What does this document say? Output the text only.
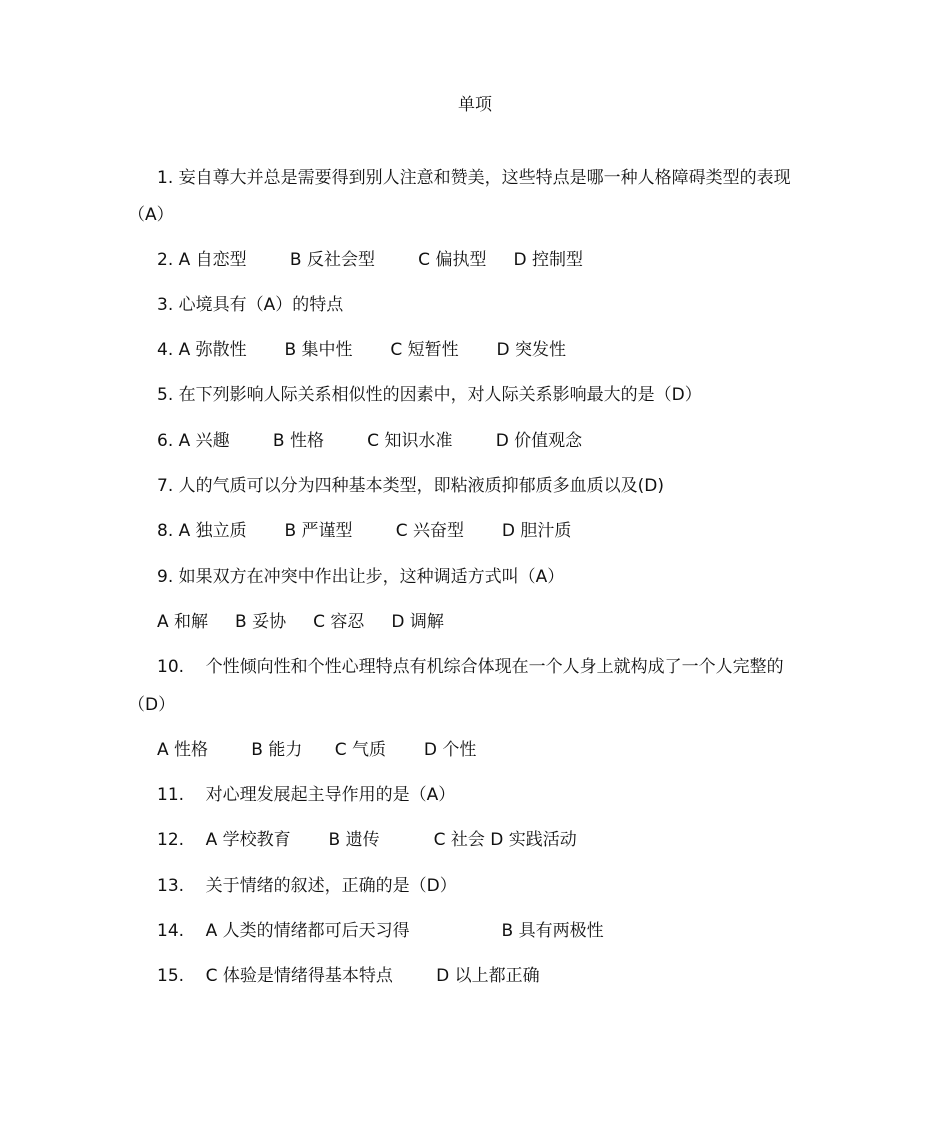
单项
1. 妄自尊大并总是需要得到别人注意和赞美，这些特点是哪一种人格障碍类型的表现
（A）
2. A 自恋型        B 反社会型        C 偏执型     D 控制型
3. 心境具有（A）的特点
4. A 弥散性       B 集中性       C 短暂性       D 突发性
5. 在下列影响人际关系相似性的因素中，对人际关系影响最大的是（D）
6. A 兴趣        B 性格        C 知识水准        D 价值观念
7. 人的气质可以分为四种基本类型，即粘液质抑郁质多血质以及(D)
8. A 独立质       B 严谨型        C 兴奋型       D 胆汁质
9. 如果双方在冲突中作出让步，这种调适方式叫（A）
A 和解     B 妥协     C 容忍     D 调解
10.    个性倾向性和个性心理特点有机综合体现在一个人身上就构成了一个人完整的
（D）
A 性格        B 能力      C 气质       D 个性
11.    对心理发展起主导作用的是（A）
12.    A 学校教育       B 遗传          C 社会 D 实践活动
13.    关于情绪的叙述，正确的是（D）
14.    A 人类的情绪都可后天习得                 B 具有两极性
15.    C 体验是情绪得基本特点        D 以上都正确
